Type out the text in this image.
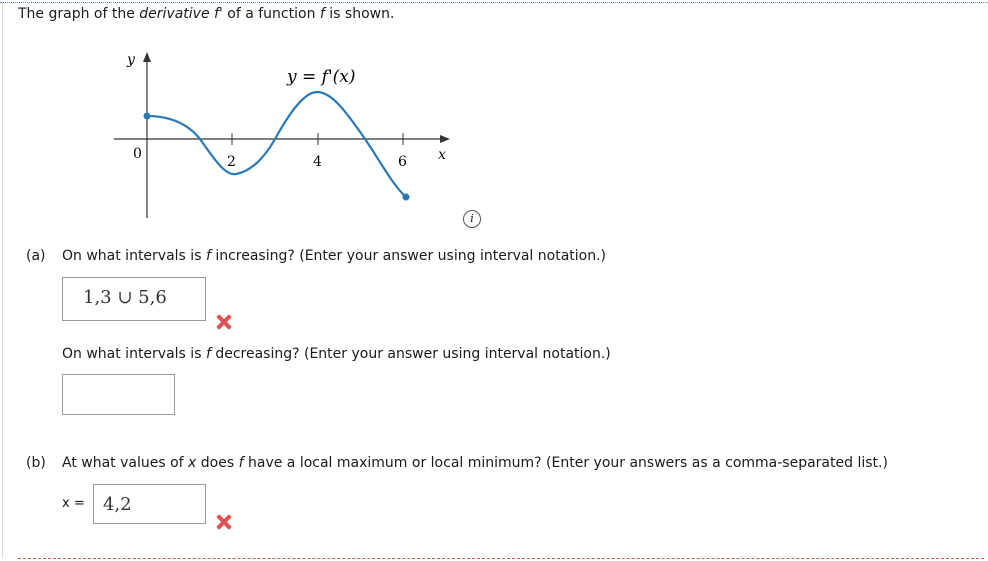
The graph of the derivative f' of a function f is shown.
y
x
0	2	4	6
y = f'(x)
i
(a) On what intervals is f increasing? (Enter your answer using interval notation.)
1,3 ∪ 5,6
On what intervals is f decreasing? (Enter your answer using interval notation.)
(b) At what values of x does f have a local maximum or local minimum? (Enter your answers as a comma-separated list.)
x =	4,2
